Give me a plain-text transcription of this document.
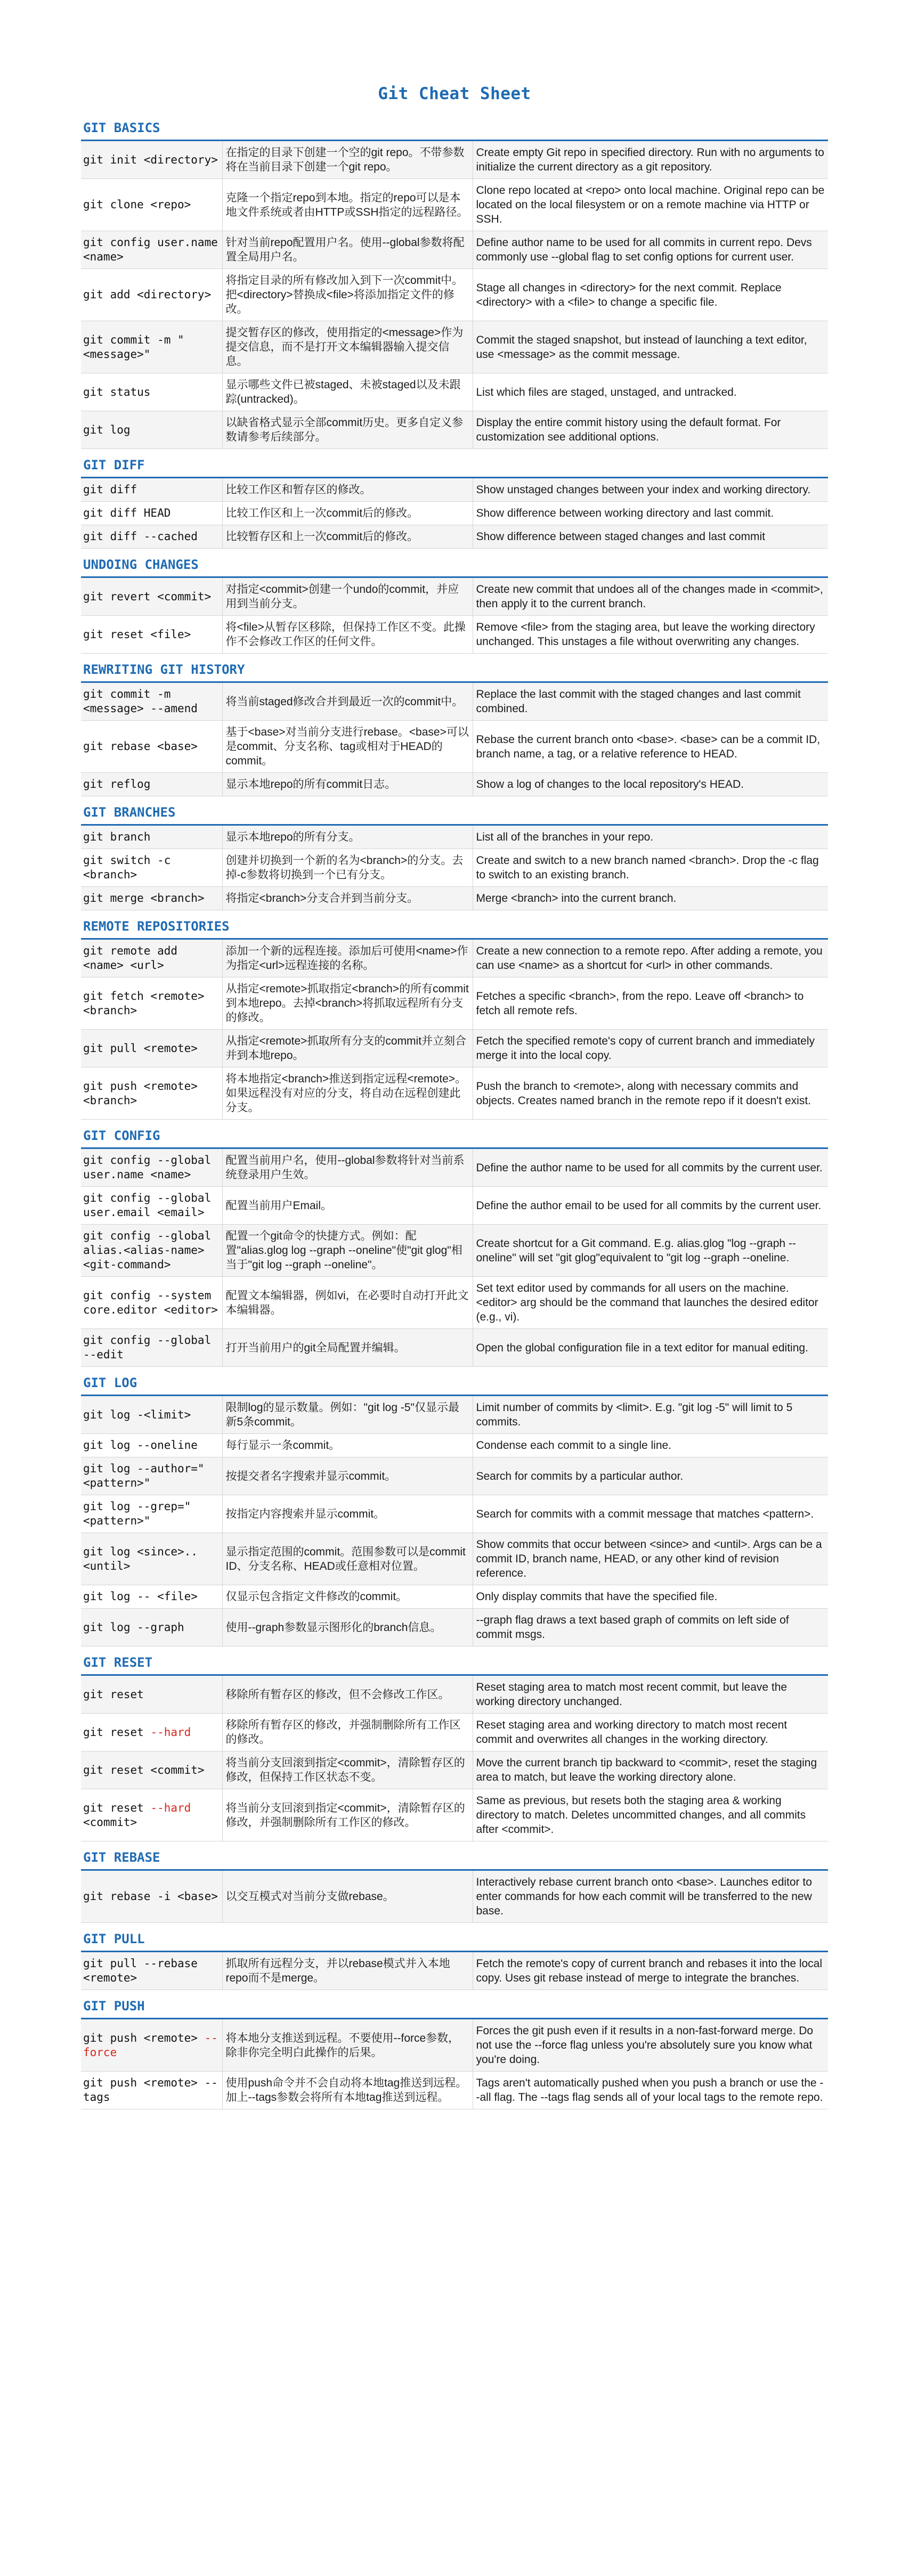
Git Cheat Sheet
GIT BASICS
git init <directory>	在指定的目录下创建一个空的git repo。不带参数将在当前目录下创建一个git repo。	Create empty Git repo in specified directory. Run with no arguments to initialize the current directory as a git repository.
git clone <repo>	克隆一个指定repo到本地。指定的repo可以是本地文件系统或者由HTTP或SSH指定的远程路径。	Clone repo located at <repo> onto local machine. Original repo can be located on the local filesystem or on a remote machine via HTTP or SSH.
git config user.name <name>	针对当前repo配置用户名。使用--global参数将配置全局用户名。	Define author name to be used for all commits in current repo. Devs commonly use --global flag to set config options for current user.
git add <directory>	将指定目录的所有修改加入到下一次commit中。把<directory>替换成<file>将添加指定文件的修改。	Stage all changes in <directory> for the next commit. Replace <directory> with a <file> to change a specific file.
git commit -m "<message>"	提交暂存区的修改，使用指定的<message>作为提交信息，而不是打开文本编辑器输入提交信息。	Commit the staged snapshot, but instead of launching a text editor, use <message> as the commit message.
git status	显示哪些文件已被staged、未被staged以及未跟踪(untracked)。	List which files are staged, unstaged, and untracked.
git log	以缺省格式显示全部commit历史。更多自定义参数请参考后续部分。	Display the entire commit history using the default format. For customization see additional options.
GIT DIFF
git diff	比较工作区和暂存区的修改。	Show unstaged changes between your index and working directory.
git diff HEAD	比较工作区和上一次commit后的修改。	Show difference between working directory and last commit.
git diff --cached	比较暂存区和上一次commit后的修改。	Show difference between staged changes and last commit
UNDOING CHANGES
git revert <commit>	对指定<commit>创建一个undo的commit，并应用到当前分支。	Create new commit that undoes all of the changes made in <commit>, then apply it to the current branch.
git reset <file>	将<file>从暂存区移除，但保持工作区不变。此操作不会修改工作区的任何文件。	Remove <file> from the staging area, but leave the working directory unchanged. This unstages a file without overwriting any changes.
REWRITING GIT HISTORY
git commit -m <message> --amend	将当前staged修改合并到最近一次的commit中。	Replace the last commit with the staged changes and last commit combined.
git rebase <base>	基于<base>对当前分支进行rebase。<base>可以是commit、分支名称、tag或相对于HEAD的commit。	Rebase the current branch onto <base>. <base> can be a commit ID, branch name, a tag, or a relative reference to HEAD.
git reflog	显示本地repo的所有commit日志。	Show a log of changes to the local repository's HEAD.
GIT BRANCHES
git branch	显示本地repo的所有分支。	List all of the branches in your repo.
git switch -c <branch>	创建并切换到一个新的名为<branch>的分支。去掉-c参数将切换到一个已有分支。	Create and switch to a new branch named <branch>. Drop the -c flag to switch to an existing branch.
git merge <branch>	将指定<branch>分支合并到当前分支。	Merge <branch> into the current branch.
REMOTE REPOSITORIES
git remote add <name> <url>	添加一个新的远程连接。添加后可使用<name>作为指定<url>远程连接的名称。	Create a new connection to a remote repo. After adding a remote, you can use <name> as a shortcut for <url> in other commands.
git fetch <remote> <branch>	从指定<remote>抓取指定<branch>的所有commit到本地repo。去掉<branch>将抓取远程所有分支的修改。	Fetches a specific <branch>, from the repo. Leave off <branch> to fetch all remote refs.
git pull <remote>	从指定<remote>抓取所有分支的commit并立刻合并到本地repo。	Fetch the specified remote's copy of current branch and immediately merge it into the local copy.
git push <remote> <branch>	将本地指定<branch>推送到指定远程<remote>。如果远程没有对应的分支，将自动在远程创建此分支。	Push the branch to <remote>, along with necessary commits and objects. Creates named branch in the remote repo if it doesn't exist.
GIT CONFIG
git config --global user.name <name>	配置当前用户名，使用--global参数将针对当前系统登录用户生效。	Define the author name to be used for all commits by the current user.
git config --global user.email <email>	配置当前用户Email。	Define the author email to be used for all commits by the current user.
git config --global alias.<alias-name> <git-command>	配置一个git命令的快捷方式。例如：配置"alias.glog log --graph --oneline"使"git glog"相当于"git log --graph --oneline"。	Create shortcut for a Git command. E.g. alias.glog "log --graph --oneline" will set "git glog"equivalent to "git log --graph --oneline.
git config --system core.editor <editor>	配置文本编辑器，例如vi，在必要时自动打开此文本编辑器。	Set text editor used by commands for all users on the machine. <editor> arg should be the command that launches the desired editor (e.g., vi).
git config --global --edit	打开当前用户的git全局配置并编辑。	Open the global configuration file in a text editor for manual editing.
GIT LOG
git log -<limit>	限制log的显示数量。例如："git log -5"仅显示最新5条commit。	Limit number of commits by <limit>. E.g. "git log -5" will limit to 5 commits.
git log --oneline	每行显示一条commit。	Condense each commit to a single line.
git log --author="<pattern>"	按提交者名字搜索并显示commit。	Search for commits by a particular author.
git log --grep="<pattern>"	按指定内容搜索并显示commit。	Search for commits with a commit message that matches <pattern>.
git log <since>..<until>	显示指定范围的commit。范围参数可以是commit ID、分支名称、HEAD或任意相对位置。	Show commits that occur between <since> and <until>. Args can be a commit ID, branch name, HEAD, or any other kind of revision reference.
git log -- <file>	仅显示包含指定文件修改的commit。	Only display commits that have the specified file.
git log --graph	使用--graph参数显示图形化的branch信息。	--graph flag draws a text based graph of commits on left side of commit msgs.
GIT RESET
git reset	移除所有暂存区的修改，但不会修改工作区。	Reset staging area to match most recent commit, but leave the working directory unchanged.
git reset --hard	移除所有暂存区的修改，并强制删除所有工作区的修改。	Reset staging area and working directory to match most recent commit and overwrites all changes in the working directory.
git reset <commit>	将当前分支回滚到指定<commit>，清除暂存区的修改，但保持工作区状态不变。	Move the current branch tip backward to <commit>, reset the staging area to match, but leave the working directory alone.
git reset --hard <commit>	将当前分支回滚到指定<commit>，清除暂存区的修改，并强制删除所有工作区的修改。	Same as previous, but resets both the staging area & working directory to match. Deletes uncommitted changes, and all commits after <commit>.
GIT REBASE
git rebase -i <base>	以交互模式对当前分支做rebase。	Interactively rebase current branch onto <base>. Launches editor to enter commands for how each commit will be transferred to the new base.
GIT PULL
git pull --rebase <remote>	抓取所有远程分支，并以rebase模式并入本地repo而不是merge。	Fetch the remote's copy of current branch and rebases it into the local copy. Uses git rebase instead of merge to integrate the branches.
GIT PUSH
git push <remote> --force	将本地分支推送到远程。不要使用--force参数，除非你完全明白此操作的后果。	Forces the git push even if it results in a non-fast-forward merge. Do not use the --force flag unless you're absolutely sure you know what you're doing.
git push <remote> --tags	使用push命令并不会自动将本地tag推送到远程。加上--tags参数会将所有本地tag推送到远程。	Tags aren't automatically pushed when you push a branch or use the --all flag. The --tags flag sends all of your local tags to the remote repo.
